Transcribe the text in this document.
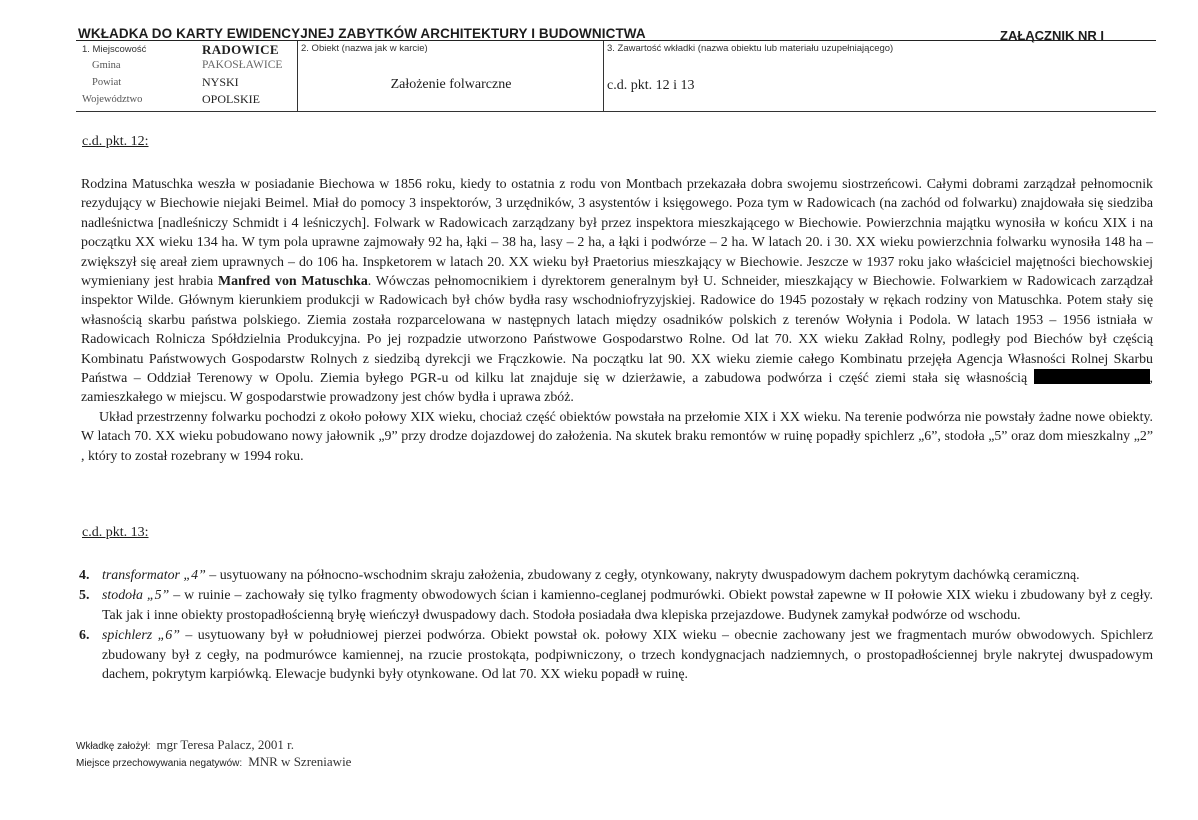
WKŁADKA DO KARTY EWIDENCYJNEJ ZABYTKÓW ARCHITEKTURY I BUDOWNICTWA	ZAŁĄCZNIK NR I
1. Miejscowość	RADOWICE
Gmina	PAKOSŁAWICE
Powiat	NYSKI
Województwo	OPOLSKIE
2. Obiekt (nazwa jak w karcie)
Założenie folwarczne
3. Zawartość wkładki (nazwa obiektu lub materiału uzupełniającego)
c.d. pkt. 12 i 13
c.d. pkt. 12:

Rodzina Matuschka weszła w posiadanie Biechowa w 1856 roku, kiedy to ostatnia z rodu von Montbach przekazała dobra swojemu siostrzeńcowi. Całymi dobrami zarządzał pełnomocnik rezydujący w Biechowie niejaki Beimel. Miał do pomocy 3 inspektorów, 3 urzędników, 3 asystentów i księgowego. Poza tym w Radowicach (na zachód od folwarku) znajdowała się siedziba nadleśnictwa [nadleśniczy Schmidt i 4 leśniczych]. Folwark w Radowicach zarządzany był przez inspektora mieszkającego w Biechowie. Powierzchnia majątku wynosiła w końcu XIX i na początku XX wieku 134 ha. W tym pola uprawne zajmowały 92 ha, łąki – 38 ha, lasy – 2 ha, a łąki i podwórze – 2 ha. W latach 20. i 30. XX wieku powierzchnia folwarku wynosiła 148 ha – zwiększył się areał ziem uprawnych – do 106 ha. Inspketorem w latach 20. XX wieku był Praetorius mieszkający w Biechowie. Jeszcze w 1937 roku jako właściciel majętności biechowskiej wymieniany jest hrabia Manfred von Matuschka. Wówczas pełnomocnikiem i dyrektorem generalnym był U. Schneider, mieszkający w Biechowie. Folwarkiem w Radowicach zarządzał inspektor Wilde. Głównym kierunkiem produkcji w Radowicach był chów bydła rasy wschodniofryzyjskiej. Radowice do 1945 pozostały w rękach rodziny von Matuschka. Potem stały się własnością skarbu państwa polskiego. Ziemia została rozparcelowana w następnych latach między osadników polskich z terenów Wołynia i Podola. W latach 1953 – 1956 istniała w Radowicach Rolnicza Spółdzielnia Produkcyjna. Po jej rozpadzie utworzono Państwowe Gospodarstwo Rolne. Od lat 70. XX wieku Zakład Rolny, podległy pod Biechów był częścią Kombinatu Państwowych Gospodarstw Rolnych z siedzibą dyrekcji we Frączkowie. Na początku lat 90. XX wieku ziemie całego Kombinatu przejęła Agencja Własności Rolnej Skarbu Państwa – Oddział Terenowy w Opolu. Ziemia byłego PGR-u od kilku lat znajduje się w dzierżawie, a zabudowa podwórza i część ziemi stała się własnością	, zamieszkałego w miejscu. W gospodarstwie prowadzony jest chów bydła i uprawa zbóż.

Układ przestrzenny folwarku pochodzi z około połowy XIX wieku, chociaż część obiektów powstała na przełomie XIX i XX wieku. Na terenie podwórza nie powstały żadne nowe obiekty. W latach 70. XX wieku pobudowano nowy jałownik „9” przy drodze dojazdowej do założenia. Na skutek braku remontów w ruinę popadły spichlerz „6”, stodoła „5” oraz dom mieszkalny „2” , który to został rozebrany w 1994 roku.

c.d. pkt. 13:
4. transformator „4” – usytuowany na północno-wschodnim skraju założenia, zbudowany z cegły, otynkowany, nakryty dwuspadowym dachem pokrytym dachówką ceramiczną.
5. stodoła „5” – w ruinie – zachowały się tylko fragmenty obwodowych ścian i kamienno-ceglanej podmurówki. Obiekt powstał zapewne w II połowie XIX wieku i zbudowany był z cegły. Tak jak i inne obiekty prostopadłościenną bryłę wieńczył dwuspadowy dach. Stodoła posiadała dwa klepiska przejazdowe. Budynek zamykał podwórze od wschodu.
6. spichlerz „6” – usytuowany był w południowej pierzei podwórza. Obiekt powstał ok. połowy XIX wieku – obecnie zachowany jest we fragmentach murów obwodowych. Spichlerz zbudowany był z cegły, na podmurówce kamiennej, na rzucie prostokąta, podpiwniczony, o trzech kondygnacjach nadziemnych, o prostopadłościennej bryle nakrytej dwuspadowym dachem, pokrytym karpiówką. Elewacje budynki były otynkowane. Od lat 70. XX wieku popadł w ruinę.
Wkładkę założył: mgr Teresa Palacz, 2001 r.
Miejsce przechowywania negatywów: MNR w Szreniawie
